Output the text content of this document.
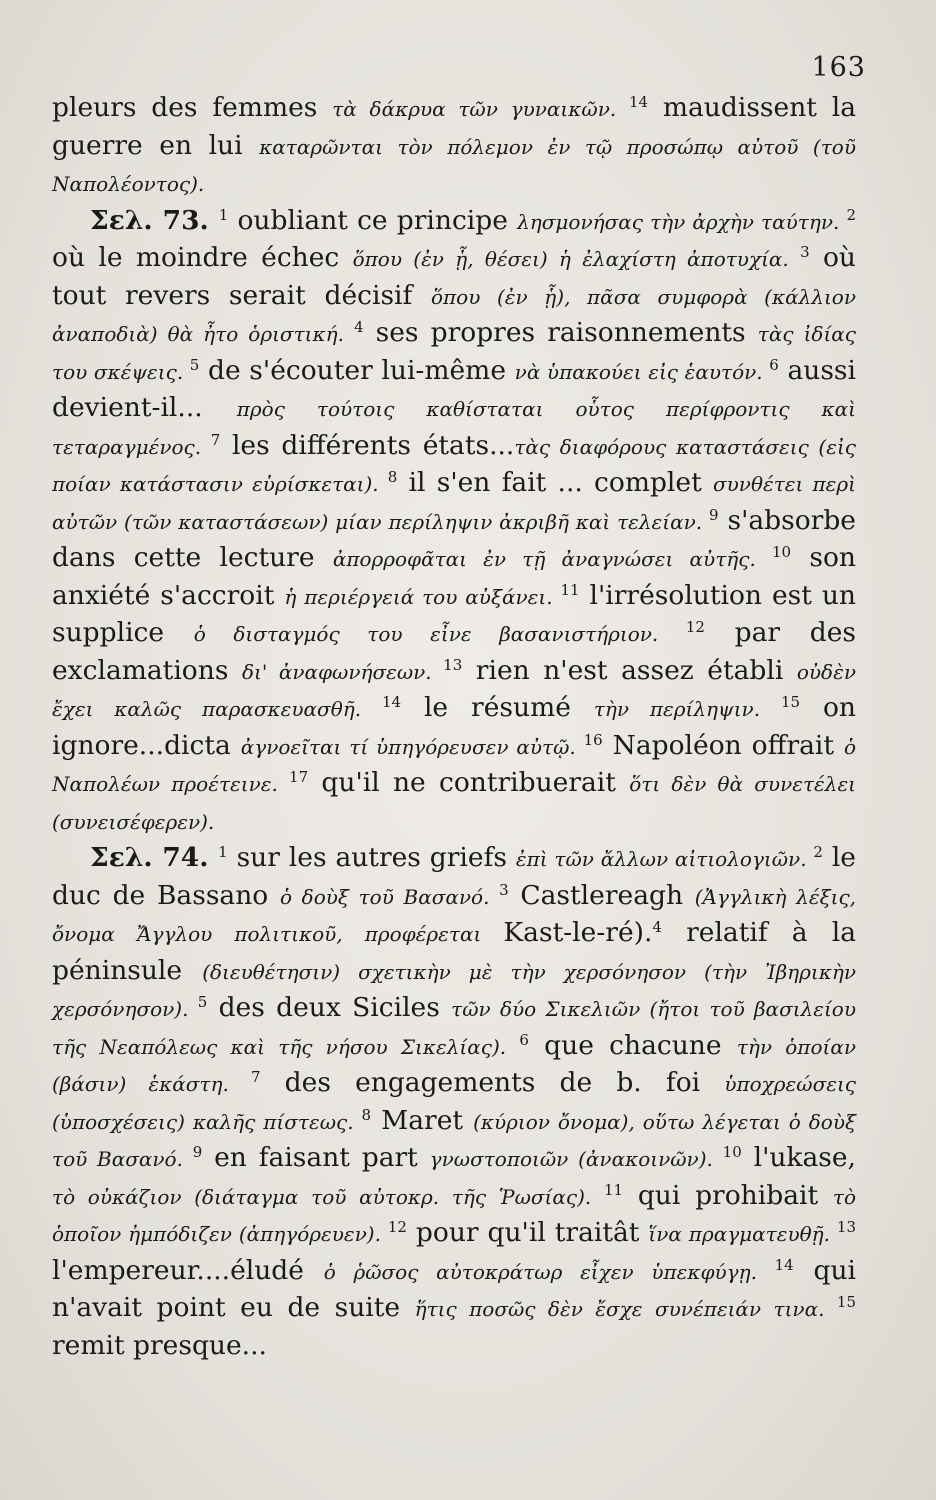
163

pleurs des femmes τὰ δάκρυα τῶν γυναικῶν. $^{14}$ maudissent la guerre en lui καταρῶνται τὸν πόλεμον ἐν τῷ προσώπῳ αὐτοῦ (τοῦ Ναπολέοντος).

Σελ. 73. $^1$ oubliant ce principe λησμονήσας τὴν ἀρχὴν ταύτην. $^2$ où le moindre échec ὅπου (ἐν ᾗ, θέσει) ἡ ἐλαχίστη ἀποτυχία. $^3$ où tout revers serait décisif ὅπου (ἐν ᾗ), πᾶσα συμφορὰ (κάλλιον ἀναποδιὰ) θὰ ἦτο ὁριστική. $^4$ ses propres raisonnements τὰς ἰδίας του σκέψεις. $^5$ de s'écouter lui-même νὰ ὑπακούει εἰς ἑαυτόν. $^6$ aussi devient-il... πρὸς τούτοις καθίσταται οὗτος περίφροντις καὶ τεταραγμένος. $^7$ les différents états...τὰς διαφόρους καταστάσεις (εἰς ποίαν κατάστασιν εὑρίσκεται). $^8$ il s'en fait ... complet συνθέτει περὶ αὐτῶν (τῶν καταστάσεων) μίαν περίληψιν ἀκριβῆ καὶ τελείαν. $^9$ s'absorbe dans cette lecture ἀπορροφᾶται ἐν τῇ ἀναγνώσει αὐτῆς. $^{10}$ son anxiété s'accroit ἡ περιέργειά του αὐξάνει. $^{11}$ l'irrésolution est un supplice ὁ δισταγμός του εἶνε βασανιστήριον. $^{12}$ par des exclamations δι' ἀναφωνήσεων. $^{13}$ rien n'est assez établi οὐδὲν ἔχει καλῶς παρασκευασθῆ. $^{14}$ le résumé τὴν περίληψιν. $^{15}$ on ignore...dicta ἀγνοεῖται τί ὑπηγόρευσεν αὐτῷ. $^{16}$ Napoléon offrait ὁ Ναπολέων προέτεινε. $^{17}$ qu'il ne contribuerait ὅτι δὲν θὰ συνετέλει (συνεισέφερεν).

Σελ. 74. $^1$ sur les autres griefs ἐπὶ τῶν ἄλλων αἰτιολογιῶν. $^2$ le duc de Bassano ὁ δοὺξ τοῦ Βασανό. $^3$ Castlereagh (Ἀγγλικὴ λέξις, ὄνομα Ἄγγλου πολιτικοῦ, προφέρεται Kast-le-ré).$^4$ relatif à la péninsule (διευθέτησιν) σχετικὴν μὲ τὴν χερσόνησον (τὴν Ἰβηρικὴν χερσόνησον). $^5$ des deux Siciles τῶν δύο Σικελιῶν (ἤτοι τοῦ βασιλείου τῆς Νεαπόλεως καὶ τῆς νήσου Σικελίας). $^6$ que chacune τὴν ὁποίαν (βάσιν) ἑκάστη. $^7$ des engagements de b. foi ὑποχρεώσεις (ὑποσχέσεις) καλῆς πίστεως. $^8$ Maret (κύριον ὄνομα), οὕτω λέγεται ὁ δοὺξ τοῦ Βασανό. $^9$ en faisant part γνωστοποιῶν (ἀνακοινῶν). $^{10}$ l'ukase, τὸ οὐκάζιον (διάταγμα τοῦ αὐτοκρ. τῆς Ῥωσίας). $^{11}$ qui prohibait τὸ ὁποῖον ἠμπόδιζεν (ἀπηγόρευεν). $^{12}$ pour qu'il traitât ἵνα πραγματευθῇ. $^{13}$ l'empereur....éludé ὁ ῥῶσος αὐτοκράτωρ εἶχεν ὑπεκφύγῃ. $^{14}$ qui n'avait point eu de suite ἥτις ποσῶς δὲν ἔσχε συνέπειάν τινα. $^{15}$ remit presque...
